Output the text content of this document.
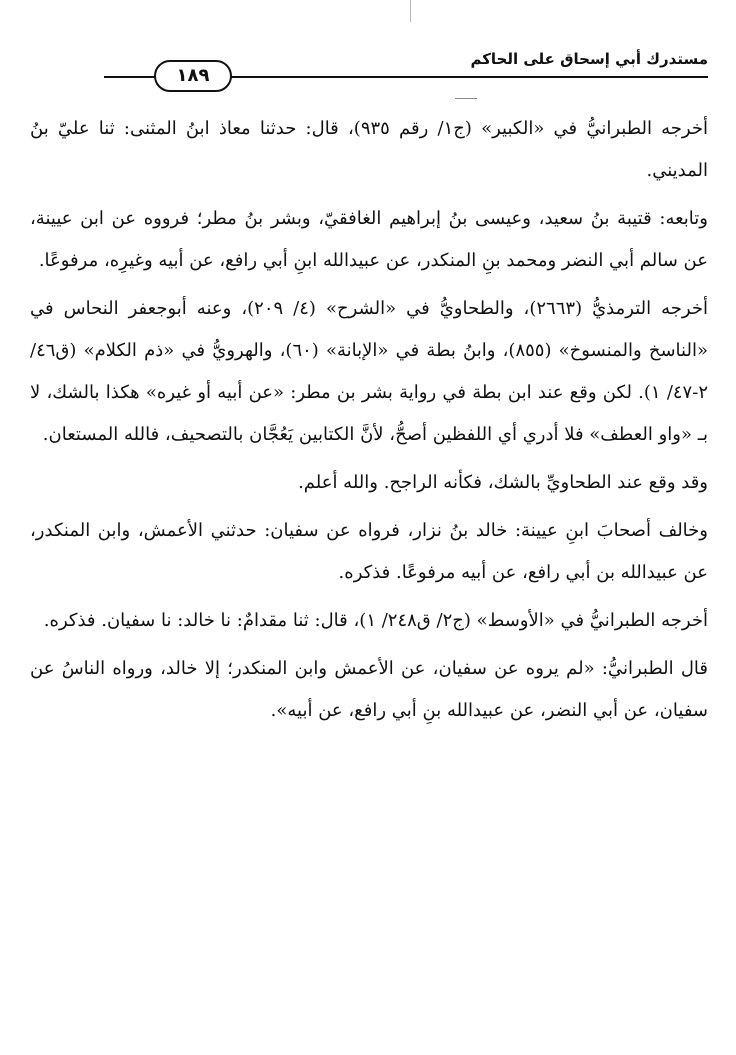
مستدرك أبي إسحاق على الحاكم
١٨٩

أخرجه الطبرانيُّ في «الكبير» (ج١/ رقم ٩٣٥)، قال: حدثنا معاذ ابنُ المثنى: ثنا عليّ بنُ المديني.

وتابعه: قتيبة بنُ سعيد، وعيسى بنُ إبراهيم الغافقيّ، وبشر بنُ مطر؛ فرووه عن ابن عيينة، عن سالم أبي النضر ومحمد بنِ المنكدر، عن عبيدالله ابنِ أبي رافع، عن أبيه وغيرِه، مرفوعًا.

أخرجه الترمذيُّ (٢٦٦٣)، والطحاويُّ في «الشرح» (٤/ ٢٠٩)، وعنه أبوجعفر النحاس في «الناسخ والمنسوخ» (٨٥٥)، وابنُ بطة في «الإبانة» (٦٠)، والهرويُّ في «ذم الكلام» (ق٤٦/ ٢-٤٧/ ١). لكن وقع عند ابن بطة في رواية بشر بن مطر: «عن أبيه أو غيره» هكذا بالشك، لا بـ «واو العطف» فلا أدري أي اللفظين أصحُّ، لأنَّ الكتابين يَعُجَّان بالتصحيف، فالله المستعان.

وقد وقع عند الطحاويِّ بالشك، فكأنه الراجح. والله أعلم.

وخالف أصحابَ ابنِ عيينة: خالد بنُ نزار، فرواه عن سفيان: حدثني الأعمش، وابن المنكدر، عن عبيدالله بن أبي رافع، عن أبيه مرفوعًا. فذكره.

أخرجه الطبرانيُّ في «الأوسط» (ج٢/ ق٢٤٨/ ١)، قال: ثنا مقدامٌ: نا خالد: نا سفيان. فذكره.

قال الطبرانيُّ: «لم يروه عن سفيان، عن الأعمش وابن المنكدر؛ إلا خالد، ورواه الناسُ عن سفيان، عن أبي النضر، عن عبيدالله بنِ أبي رافع، عن أبيه».
